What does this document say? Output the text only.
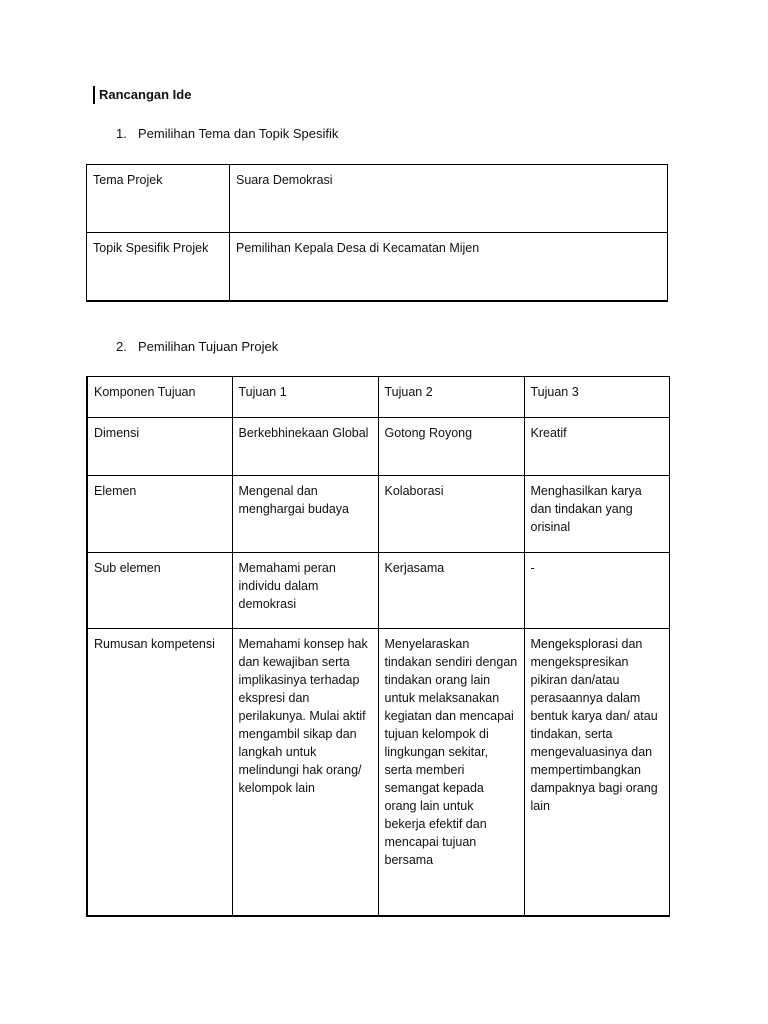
Rancangan Ide
1. Pemilihan Tema dan Topik Spesifik
Tema Projek	Suara Demokrasi
Topik Spesifik Projek	Pemilihan Kepala Desa di Kecamatan Mijen
2. Pemilihan Tujuan Projek
Komponen Tujuan	Tujuan 1	Tujuan 2	Tujuan 3
Dimensi	Berkebhinekaan Global	Gotong Royong	Kreatif
Elemen	Mengenal dan menghargai budaya	Kolaborasi	Menghasilkan karya dan tindakan yang orisinal
Sub elemen	Memahami peran individu dalam demokrasi	Kerjasama	-
Rumusan kompetensi	Memahami konsep hak dan kewajiban serta implikasinya terhadap ekspresi dan perilakunya. Mulai aktif mengambil sikap dan langkah untuk melindungi hak orang/ kelompok lain	Menyelaraskan tindakan sendiri dengan tindakan orang lain untuk melaksanakan kegiatan dan mencapai tujuan kelompok di lingkungan sekitar, serta memberi semangat kepada orang lain untuk bekerja efektif dan mencapai tujuan bersama	Mengeksplorasi dan mengekspresikan pikiran dan/atau perasaannya dalam bentuk karya dan/ atau tindakan, serta mengevaluasinya dan mempertimbangkan dampaknya bagi orang lain
